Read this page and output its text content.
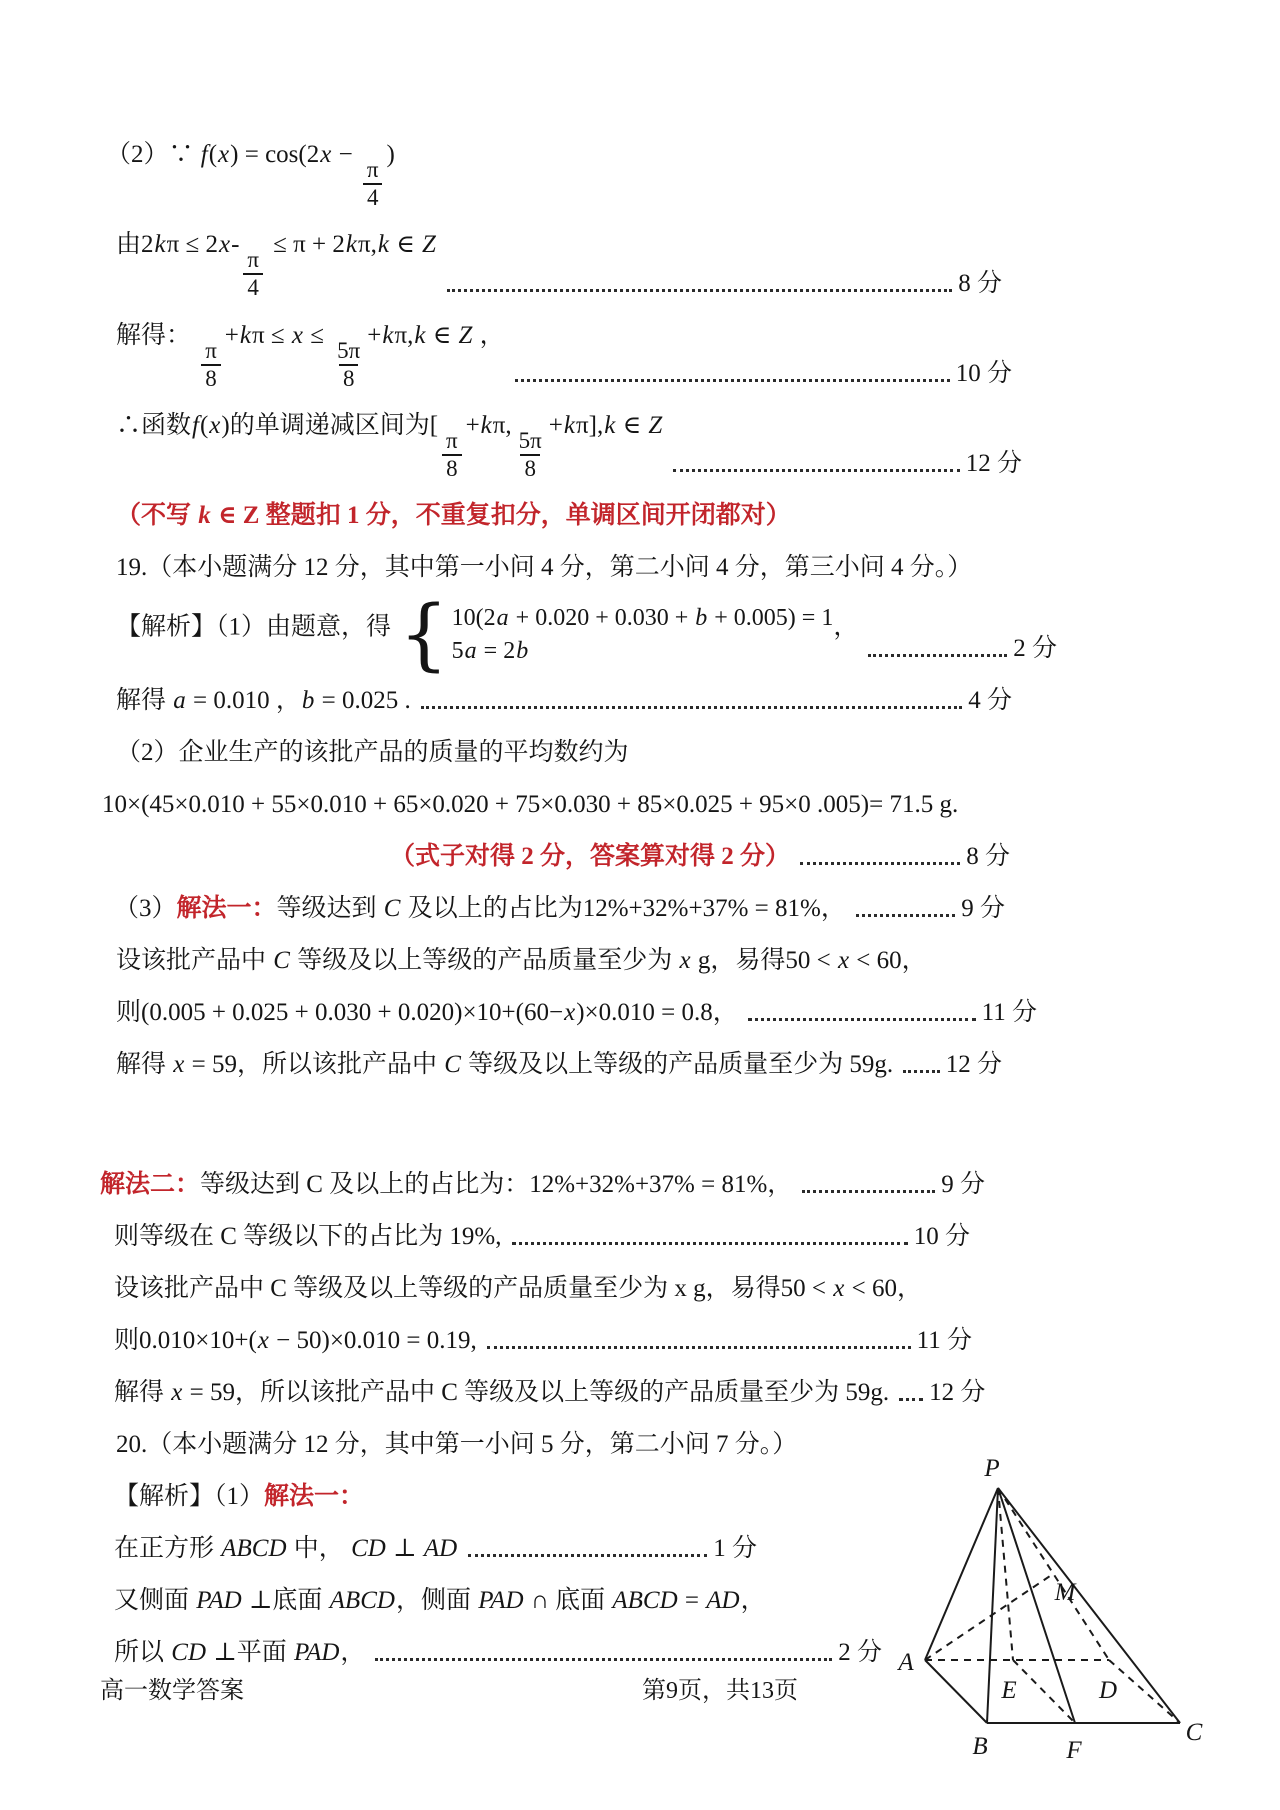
（2）∵ f(x) = cos(2x −
$\frac{\pi}{4}$
)
由2kπ ≤ 2x-
$\frac{\pi}{4}$
≤ π + 2kπ,k ∈ Z
8 分
解得：
$\frac{\pi}{8}$
+kπ ≤ x ≤
$\frac{5\pi}{8}$
+kπ,k ∈ Z ，
10 分
∴函数f(x)的单调递减区间为[
$\frac{\pi}{8}$
+kπ,
$\frac{5\pi}{8}$
+kπ],k ∈ Z
12 分
（不写 k ∈ Z 整题扣 1 分，不重复扣分，单调区间开闭都对）
19.（本小题满分 12 分，其中第一小问 4 分，第二小问 4 分，第三小问 4 分。）
【解析】（1）由题意，得 { 10(2a + 0.020 + 0.030 + b + 0.005) = 1
5a = 2b
，
2 分
解得 a = 0.010 ，b = 0.025 .	4 分
（2）企业生产的该批产品的质量的平均数约为
10×(45×0.010 + 55×0.010 + 65×0.020 + 75×0.030 + 85×0.025 + 95×0 .005)= 71.5 g.
（式子对得 2 分，答案算对得 2 分）	8 分
（3）解法一：等级达到 C 及以上的占比为12%+32%+37% = 81%，	9 分
设该批产品中 C 等级及以上等级的产品质量至少为 x g，易得50 < x < 60，
则(0.005 + 0.025 + 0.030 + 0.020)×10+(60−x)×0.010 = 0.8，	11 分
解得 x = 59，所以该批产品中 C 等级及以上等级的产品质量至少为 59g. 12 分
解法二：等级达到 C 及以上的占比为：12%+32%+37% = 81%，	9 分
则等级在 C 等级以下的占比为 19%,	10 分
设该批产品中 C 等级及以上等级的产品质量至少为 x g，易得50 < x < 60，
则0.010×10+(x − 50)×0.010 = 0.19,	11 分
解得 x = 59，所以该批产品中 C 等级及以上等级的产品质量至少为 59g. 12 分
20.（本小题满分 12 分，其中第一小问 5 分，第二小问 7 分。）
【解析】（1）解法一：
在正方形 ABCD 中， CD ⊥ AD	1 分
又侧面 PAD ⊥底面 ABCD，侧面 PAD ∩ 底面 ABCD = AD，
所以 CD ⊥平面 PAD，	2 分
P
A
B	F
C
D
E
M
高一数学答案	第9页，共13页
